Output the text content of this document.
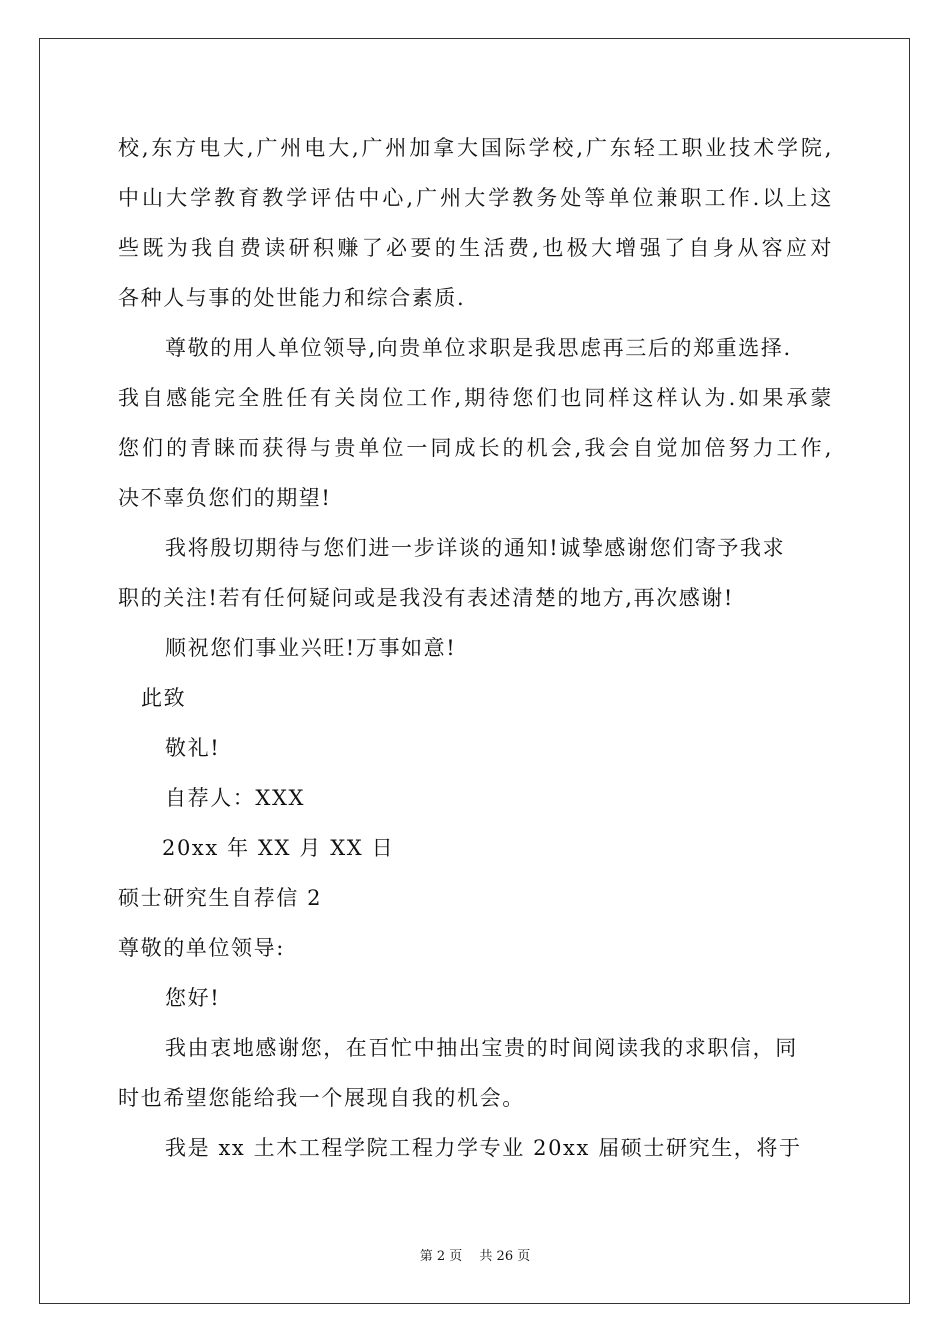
校,东方电大,广州电大,广州加拿大国际学校,广东轻工职业技术学院,
中山大学教育教学评估中心,广州大学教务处等单位兼职工作.以上这
些既为我自费读研积赚了必要的生活费,也极大增强了自身从容应对
各种人与事的处世能力和综合素质.
尊敬的用人单位领导,向贵单位求职是我思虑再三后的郑重选择.
我自感能完全胜任有关岗位工作,期待您们也同样这样认为.如果承蒙
您们的青睐而获得与贵单位一同成长的机会,我会自觉加倍努力工作,
决不辜负您们的期望!
我将殷切期待与您们进一步详谈的通知!诚挚感谢您们寄予我求
职的关注!若有任何疑问或是我没有表述清楚的地方,再次感谢!
顺祝您们事业兴旺!万事如意!
此致
敬礼!
自荐人：XXX
20xx 年 XX 月 XX 日
硕士研究生自荐信 2
尊敬的单位领导:
您好!
我由衷地感谢您，在百忙中抽出宝贵的时间阅读我的求职信，同
时也希望您能给我一个展现自我的机会。
我是 xx 土木工程学院工程力学专业 20xx 届硕士研究生，将于
第 2 页　 共 26 页
